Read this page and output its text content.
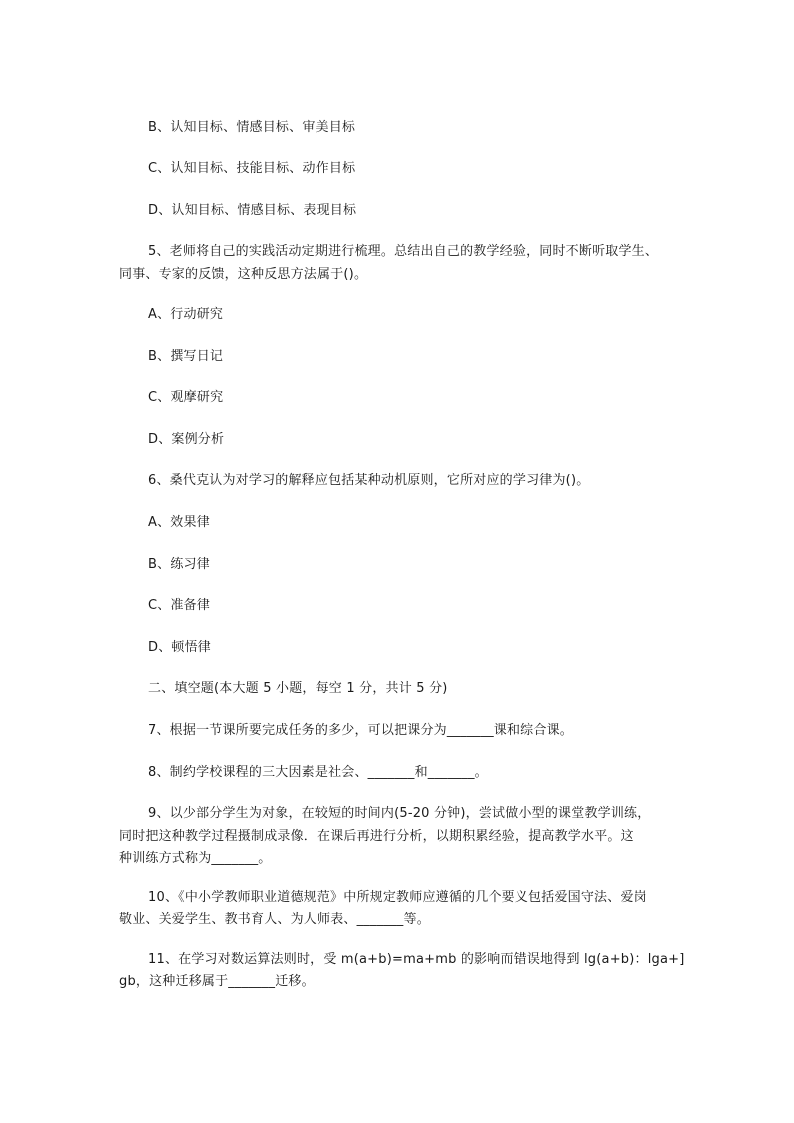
B、认知目标、情感目标、审美目标
C、认知目标、技能目标、动作目标
D、认知目标、情感目标、表现目标
5、老师将自己的实践活动定期进行梳理。总结出自己的教学经验，同时不断听取学生、
同事、专家的反馈，这种反思方法属于()。
A、行动研究
B、撰写日记
C、观摩研究
D、案例分析
6、桑代克认为对学习的解释应包括某种动机原则，它所对应的学习律为()。
A、效果律
B、练习律
C、准备律
D、顿悟律
二、填空题(本大题 5 小题，每空 1 分，共计 5 分)
7、根据一节课所要完成任务的多少，可以把课分为_______课和综合课。
8、制约学校课程的三大因素是社会、_______和_______。
9、以少部分学生为对象，在较短的时间内(5-20 分钟)，尝试做小型的课堂教学训练，
同时把这种教学过程摄制成录像．在课后再进行分析，以期积累经验，提高教学水平。这
种训练方式称为_______。
10、《中小学教师职业道德规范》中所规定教师应遵循的几个要义包括爱国守法、爱岗
敬业、关爱学生、教书育人、为人师表、_______等。
11、在学习对数运算法则时，受 m(a+b)=ma+mb 的影响而错误地得到 lg(a+b)：lga+]
gb，这种迁移属于_______迁移。
